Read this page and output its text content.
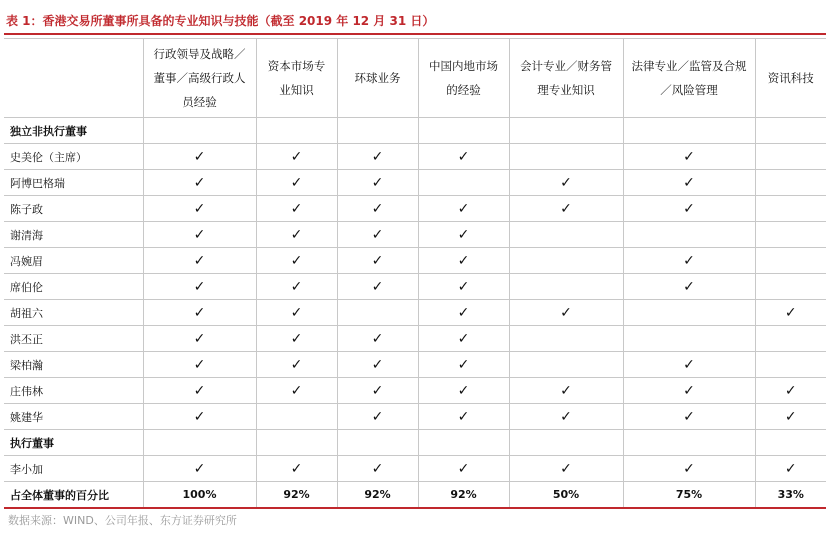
表 1：香港交易所董事所具备的专业知识与技能（截至 2019 年 12 月 31 日）

	行政领导及战略／董事／高级行政人员经验	资本市场专业知识	环球业务	中国内地市场的经验	会计专业／财务管理专业知识	法律专业／监管及合规／风险管理	资讯科技

独立非执行董事							
史美伦（主席）	✓	✓	✓	✓		✓	
阿博巴格瑞	✓	✓	✓		✓	✓	
陈子政	✓	✓	✓	✓	✓	✓	
谢清海	✓	✓	✓	✓			
冯婉眉	✓	✓	✓	✓		✓	
席伯伦	✓	✓	✓	✓		✓	
胡祖六	✓	✓		✓	✓		✓
洪丕正	✓	✓	✓	✓			
梁柏瀚	✓	✓	✓	✓		✓	
庄伟林	✓	✓	✓	✓	✓	✓	✓
姚建华	✓		✓	✓	✓	✓	✓
执行董事							
李小加	✓	✓	✓	✓	✓	✓	✓
占全体董事的百分比	100%	92%	92%	92%	50%	75%	33%
数据来源：WIND、公司年报、东方证券研究所
